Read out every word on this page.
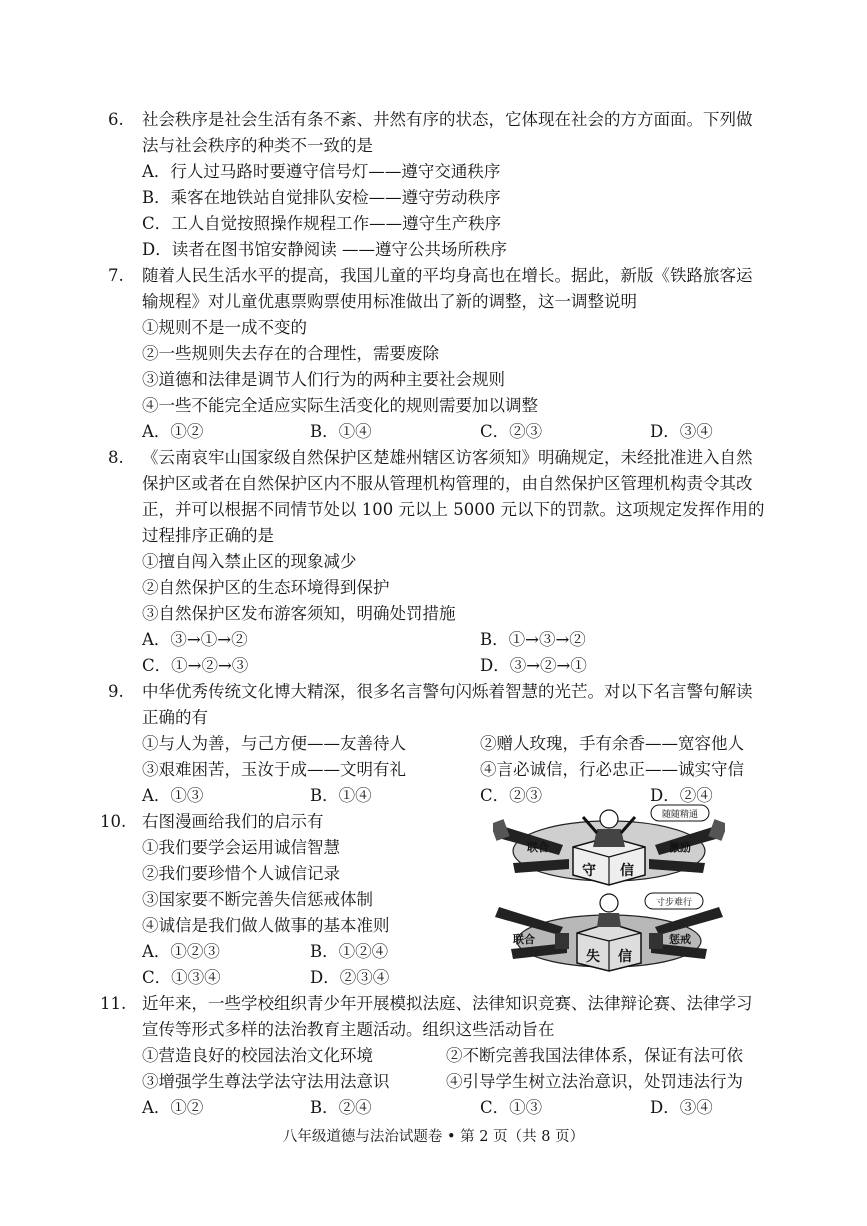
6. 社会秩序是社会生活有条不紊、井然有序的状态，它体现在社会的方方面面。下列做
法与社会秩序的种类不一致的是
A．行人过马路时要遵守信号灯——遵守交通秩序
B．乘客在地铁站自觉排队安检——遵守劳动秩序
C．工人自觉按照操作规程工作——遵守生产秩序
D．读者在图书馆安静阅读 ——遵守公共场所秩序
7. 随着人民生活水平的提高，我国儿童的平均身高也在增长。据此，新版《铁路旅客运
输规程》对儿童优惠票购票使用标准做出了新的调整，这一调整说明
①规则不是一成不变的
②一些规则失去存在的合理性，需要废除
③道德和法律是调节人们行为的两种主要社会规则
④一些不能完全适应实际生活变化的规则需要加以调整
A．①②	B．①④	C．②③	D．③④
8. 《云南哀牢山国家级自然保护区楚雄州辖区访客须知》明确规定，未经批准进入自然
保护区或者在自然保护区内不服从管理机构管理的，由自然保护区管理机构责令其改
正，并可以根据不同情节处以 100 元以上 5000 元以下的罚款。这项规定发挥作用的
过程排序正确的是
①擅自闯入禁止区的现象减少
②自然保护区的生态环境得到保护
③自然保护区发布游客须知，明确处罚措施
A．③→①→②	B．①→③→②
C．①→②→③	D．③→②→①
9. 中华优秀传统文化博大精深，很多名言警句闪烁着智慧的光芒。对以下名言警句解读
正确的有
①与人为善，与己方便——友善待人	②赠人玫瑰，手有余香——宽容他人
③艰难困苦，玉汝于成——文明有礼	④言必诚信，行必忠正——诚实守信
A．①③	B．①④	C．②③	D．②④
10. 右图漫画给我们的启示有
①我们要学会运用诚信智慧
②我们要珍惜个人诚信记录
③国家要不断完善失信惩戒体制
④诚信是我们做人做事的基本准则
A．①②③	B．①②④
C．①③④	D．②③④
随随精通
联合	激励
守 信
寸步难行
联合	惩戒
失 信
11. 近年来，一些学校组织青少年开展模拟法庭、法律知识竞赛、法律辩论赛、法律学习
宣传等形式多样的法治教育主题活动。组织这些活动旨在
①营造良好的校园法治文化环境	②不断完善我国法律体系，保证有法可依
③增强学生尊法学法守法用法意识	④引导学生树立法治意识，处罚违法行为
A．①②	B．②④	C．①③	D．③④
八年级道德与法治试题卷 • 第 2 页（共 8 页）
